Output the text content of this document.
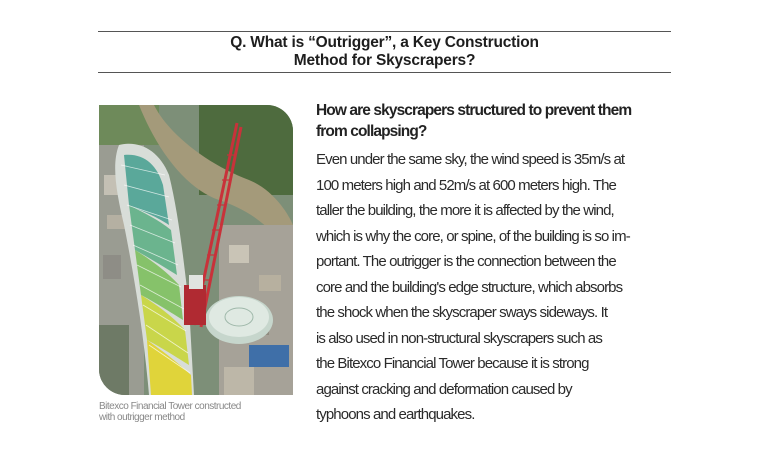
Q. What is “Outrigger”, a Key Construction
Method for Skyscrapers?
Bitexco Financial Tower constructed
with outrigger method
How are skyscrapers structured to prevent them
from collapsing?
Even under the same sky, the wind speed is 35m/s at
100 meters high and 52m/s at 600 meters high. The
taller the building, the more it is affected by the wind,
which is why the core, or spine, of the building is so im-
portant. The outrigger is the connection between the
core and the building's edge structure, which absorbs
the shock when the skyscraper sways sideways. It
is also used in non-structural skyscrapers such as
the Bitexco Financial Tower because it is strong
against cracking and deformation caused by
typhoons and earthquakes.
